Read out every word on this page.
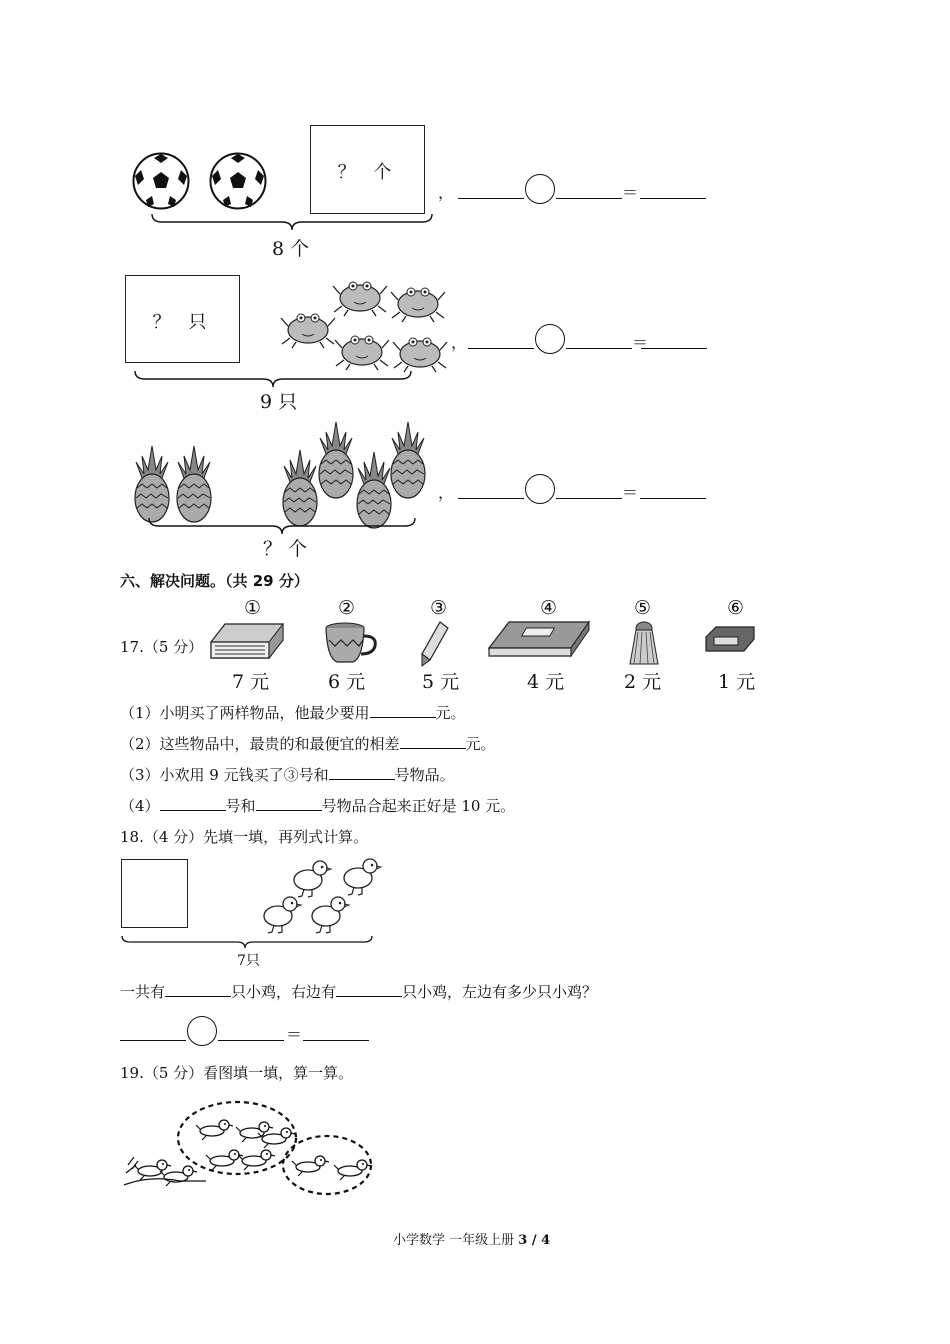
？ 个
8 个
，	＝
？ 只
9 只
，	＝
？ 个
，	＝
六、解决问题。（共 29 分）
17.（5 分）
①
7 元
②
6 元
③
5 元
④
4 元
⑤
2 元
⑥
1 元
（1）小明买了两样物品，他最少要用	元。
（2）这些物品中，最贵的和最便宜的相差	元。
（3）小欢用 9 元钱买了③号和	号物品。
（4）	号和	号物品合起来正好是 10 元。
18.（4 分）先填一填，再列式计算。
7只
一共有	只小鸡，右边有	只小鸡，左边有多少只小鸡？
＝
19.（5 分）看图填一填，算一算。
小学数学 一年级上册 3 / 4
